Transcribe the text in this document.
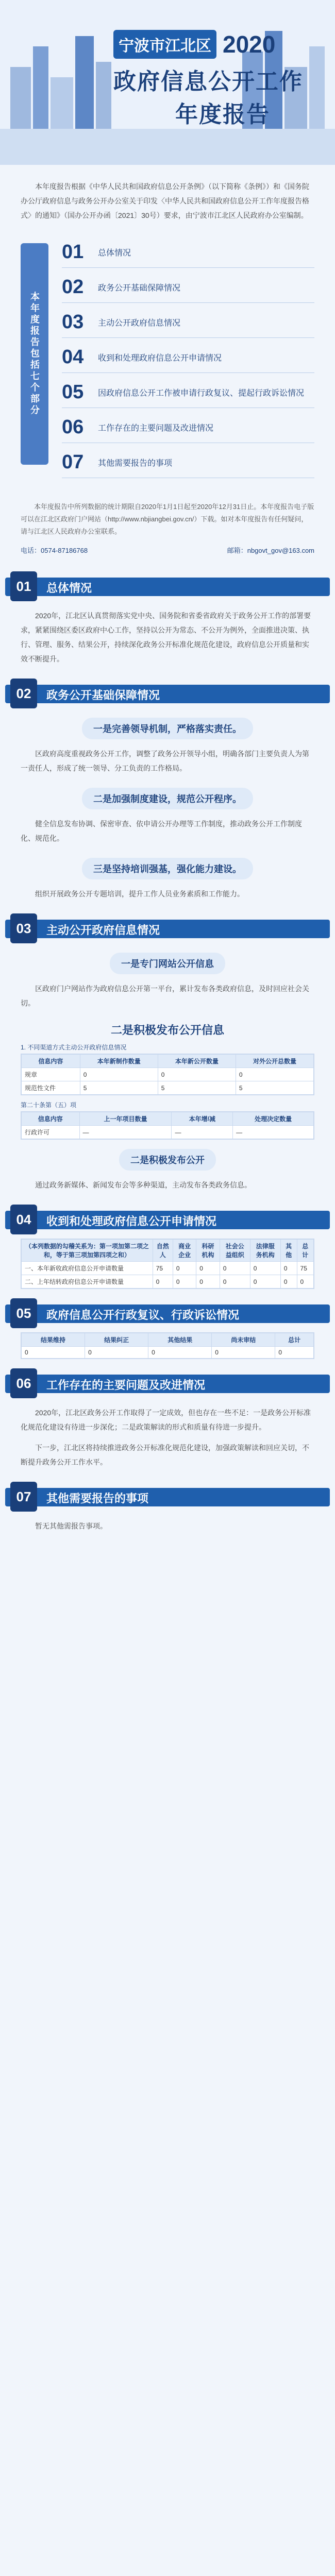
宁波市江北区 2020
政府信息公开工作
年度报告
本年度报告根据《中华人民共和国政府信息公开条例》（以下简称《条例》）和《国务院办公厅政府信息与政务公开办公室关于印发〈中华人民共和国政府信息公开工作年度报告格式〉的通知》（国办公开办函〔2021〕30号）要求，由宁波市江北区人民政府办公室编制。
本年度报告包括七个部分
01	总体情况
02	政务公开基础保障情况
03	主动公开政府信息情况
04	收到和处理政府信息公开申请情况
05	因政府信息公开工作被申请行政复议、提起行政诉讼情况
06	工作存在的主要问题及改进情况
07	其他需要报告的事项
本年度报告中所列数据的统计期限自2020年1月1日起至2020年12月31日止。本年度报告电子版可以在江北区政府门户网站（http://www.nbjiangbei.gov.cn/）下载。如对本年度报告有任何疑问，请与江北区人民政府办公室联系。
电话：0574-87186768	邮箱：nbgovt_gov@163.com
01	总体情况
2020年，江北区认真贯彻落实党中央、国务院和省委省政府关于政务公开工作的部署要求，紧紧围绕区委区政府中心工作，坚持以公开为常态、不公开为例外，全面推进决策、执行、管理、服务、结果公开，持续深化政务公开标准化规范化建设，政府信息公开质量和实效不断提升。
02	政务公开基础保障情况
一是完善领导机制，严格落实责任。
区政府高度重视政务公开工作，调整了政务公开领导小组，明确各部门主要负责人为第一责任人，形成了统一领导、分工负责的工作格局。
二是加强制度建设，规范公开程序。
健全信息发布协调、保密审查、依申请公开办理等工作制度，推动政务公开工作制度化、规范化。
三是坚持培训强基，强化能力建设。
组织开展政务公开专题培训，提升工作人员业务素质和工作能力。
03	主动公开政府信息情况
一是专门网站公开信息
区政府门户网站作为政府信息公开第一平台，累计发布各类政府信息，及时回应社会关切。
二是积极发布公开信息
1. 不同渠道方式主动公开政府信息情况
信息内容	本年新制作数量	本年新公开数量	对外公开总数量
规章	0	0	0
规范性文件	5	5	5
第二十条第（五）项
信息内容	上一年项目数量	本年增/减	处理决定数量
行政许可	—	—	—
二是积极发布公开
通过政务新媒体、新闻发布会等多种渠道，主动发布各类政务信息。
04	收到和处理政府信息公开申请情况
（本列数据的勾稽关系为：第一项加第二项之和，等于第三项加第四项之和）	自然人	商业企业	科研机构	社会公益组织	法律服务机构	其他	总计
一、本年新收政府信息公开申请数量	75	0	0	0	0	0	75
二、上年结转政府信息公开申请数量	0	0	0	0	0	0	0
05	政府信息公开行政复议、行政诉讼情况
结果维持	结果纠正	其他结果	尚未审结	总计
0	0	0	0	0
06	工作存在的主要问题及改进情况
2020年，江北区政务公开工作取得了一定成效，但也存在一些不足：一是政务公开标准化规范化建设有待进一步深化；二是政策解读的形式和质量有待进一步提升。
下一步，江北区将持续推进政务公开标准化规范化建设，加强政策解读和回应关切，不断提升政务公开工作水平。
07	其他需要报告的事项
暂无其他需报告事项。
